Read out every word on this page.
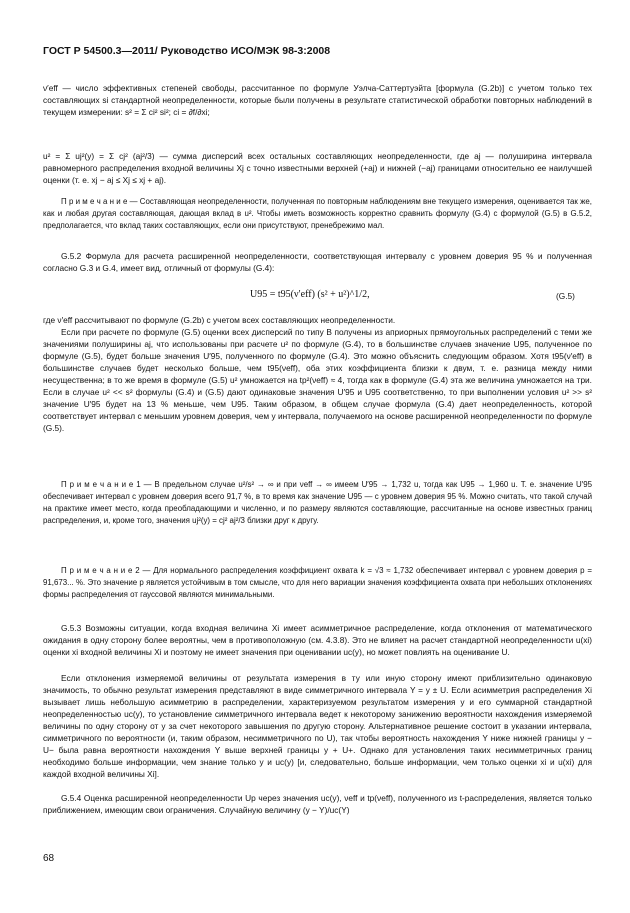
ГОСТ Р 54500.3—2011/ Руководство ИСО/МЭК 98-3:2008

ν′eff — число эффективных степеней свободы, рассчитанное по формуле Уэлча-Саттертуэйта [формула (G.2b)] с учетом только тех составляющих si стандартной неопределенности, которые были получены в результате статистической обработки повторных наблюдений в текущем измерении: s² = Σ ci² si²; ci = ∂f/∂xi;

u² = Σ uj²(y) = Σ cj² (aj²/3) — сумма дисперсий всех остальных составляющих неопределенности, где aj — полуширина интервала равномерного распределения входной величины Xj с точно известными верхней (+aj) и нижней (−aj) границами относительно ее наилучшей оценки (т. е. xj − aj ≤ Xj ≤ xj + aj).

П р и м е ч а н и е — Составляющая неопределенности, полученная по повторным наблюдениям вне текущего измерения, оценивается так же, как и любая другая составляющая, дающая вклад в u². Чтобы иметь возможность корректно сравнить формулу (G.4) с формулой (G.5) в G.5.2, предполагается, что вклад таких составляющих, если они присутствуют, пренебрежимо мал.

G.5.2 Формула для расчета расширенной неопределенности, соответствующая интервалу с уровнем доверия 95 % и полученная согласно G.3 и G.4, имеет вид, отличный от формулы (G.4):

U95 = t95(ν′eff) (s² + u²)^1/2,	(G.5)

где ν′eff рассчитывают по формуле (G.2b) с учетом всех составляющих неопределенности.

Если при расчете по формуле (G.5) оценки всех дисперсий по типу B получены из априорных прямоугольных распределений с теми же значениями полуширины aj, что использованы при расчете u² по формуле (G.4), то в большинстве случаев значение U95, полученное по формуле (G.5), будет больше значения U′95, полученного по формуле (G.4). Это можно объяснить следующим образом. Хотя t95(ν′eff) в большинстве случаев будет несколько больше, чем t95(νeff), оба этих коэффициента близки к двум, т. е. разница между ними несущественна; в то же время в формуле (G.5) u² умножается на tp²(νeff) ≈ 4, тогда как в формуле (G.4) эта же величина умножается на три. Если в случае u² << s² формулы (G.4) и (G.5) дают одинаковые значения U′95 и U95 соответственно, то при выполнении условия u² >> s² значение U′95 будет на 13 % меньше, чем U95. Таким образом, в общем случае формула (G.4) дает неопределенность, которой соответствует интервал с меньшим уровнем доверия, чем у интервала, получаемого на основе расширенной неопределенности по формуле (G.5).

П р и м е ч а н и е 1 — В предельном случае u²/s² → ∞ и при νeff → ∞ имеем U′95 → 1,732 u, тогда как U95 → 1,960 u. Т. е. значение U′95 обеспечивает интервал с уровнем доверия всего 91,7 %, в то время как значение U95 — с уровнем доверия 95 %. Можно считать, что такой случай на практике имеет место, когда преобладающими и численно, и по размеру являются составляющие, рассчитанные на основе известных границ распределения, и, кроме того, значения uj²(y) = cj² aj²/3 близки друг к другу.

П р и м е ч а н и е 2 — Для нормального распределения коэффициент охвата k = √3 ≈ 1,732 обеспечивает интервал с уровнем доверия p = 91,673... %. Это значение p является устойчивым в том смысле, что для него вариации значения коэффициента охвата при небольших отклонениях формы распределения от гауссовой являются минимальными.

G.5.3 Возможны ситуации, когда входная величина Xi имеет асимметричное распределение, когда отклонения от математического ожидания в одну сторону более вероятны, чем в противоположную (см. 4.3.8). Это не влияет на расчет стандартной неопределенности u(xi) оценки xi входной величины Xi и поэтому не имеет значения при оценивании uc(y), но может повлиять на оценивание U.

Если отклонения измеряемой величины от результата измерения в ту или иную сторону имеют приблизительно одинаковую значимость, то обычно результат измерения представляют в виде симметричного интервала Y = y ± U. Если асимметрия распределения Xi вызывает лишь небольшую асимметрию в распределении, характеризуемом результатом измерения y и его суммарной стандартной неопределенностью uc(y), то установление симметричного интервала ведет к некоторому занижению вероятности нахождения измеряемой величины по одну сторону от y за счет некоторого завышения по другую сторону. Альтернативное решение состоит в указании интервала, симметричного по вероятности (и, таким образом, несимметричного по U), так чтобы вероятность нахождения Y ниже нижней границы y − U− была равна вероятности нахождения Y выше верхней границы y + U+. Однако для установления таких несимметричных границ необходимо больше информации, чем знание только y и uc(y) [и, следовательно, больше информации, чем только оценки xi и u(xi) для каждой входной величины Xi].

G.5.4 Оценка расширенной неопределенности Up через значения uc(y), νeff и tp(νeff), полученного из t-распределения, является только приближением, имеющим свои ограничения. Случайную величину (y − Y)/uc(Y)

68
